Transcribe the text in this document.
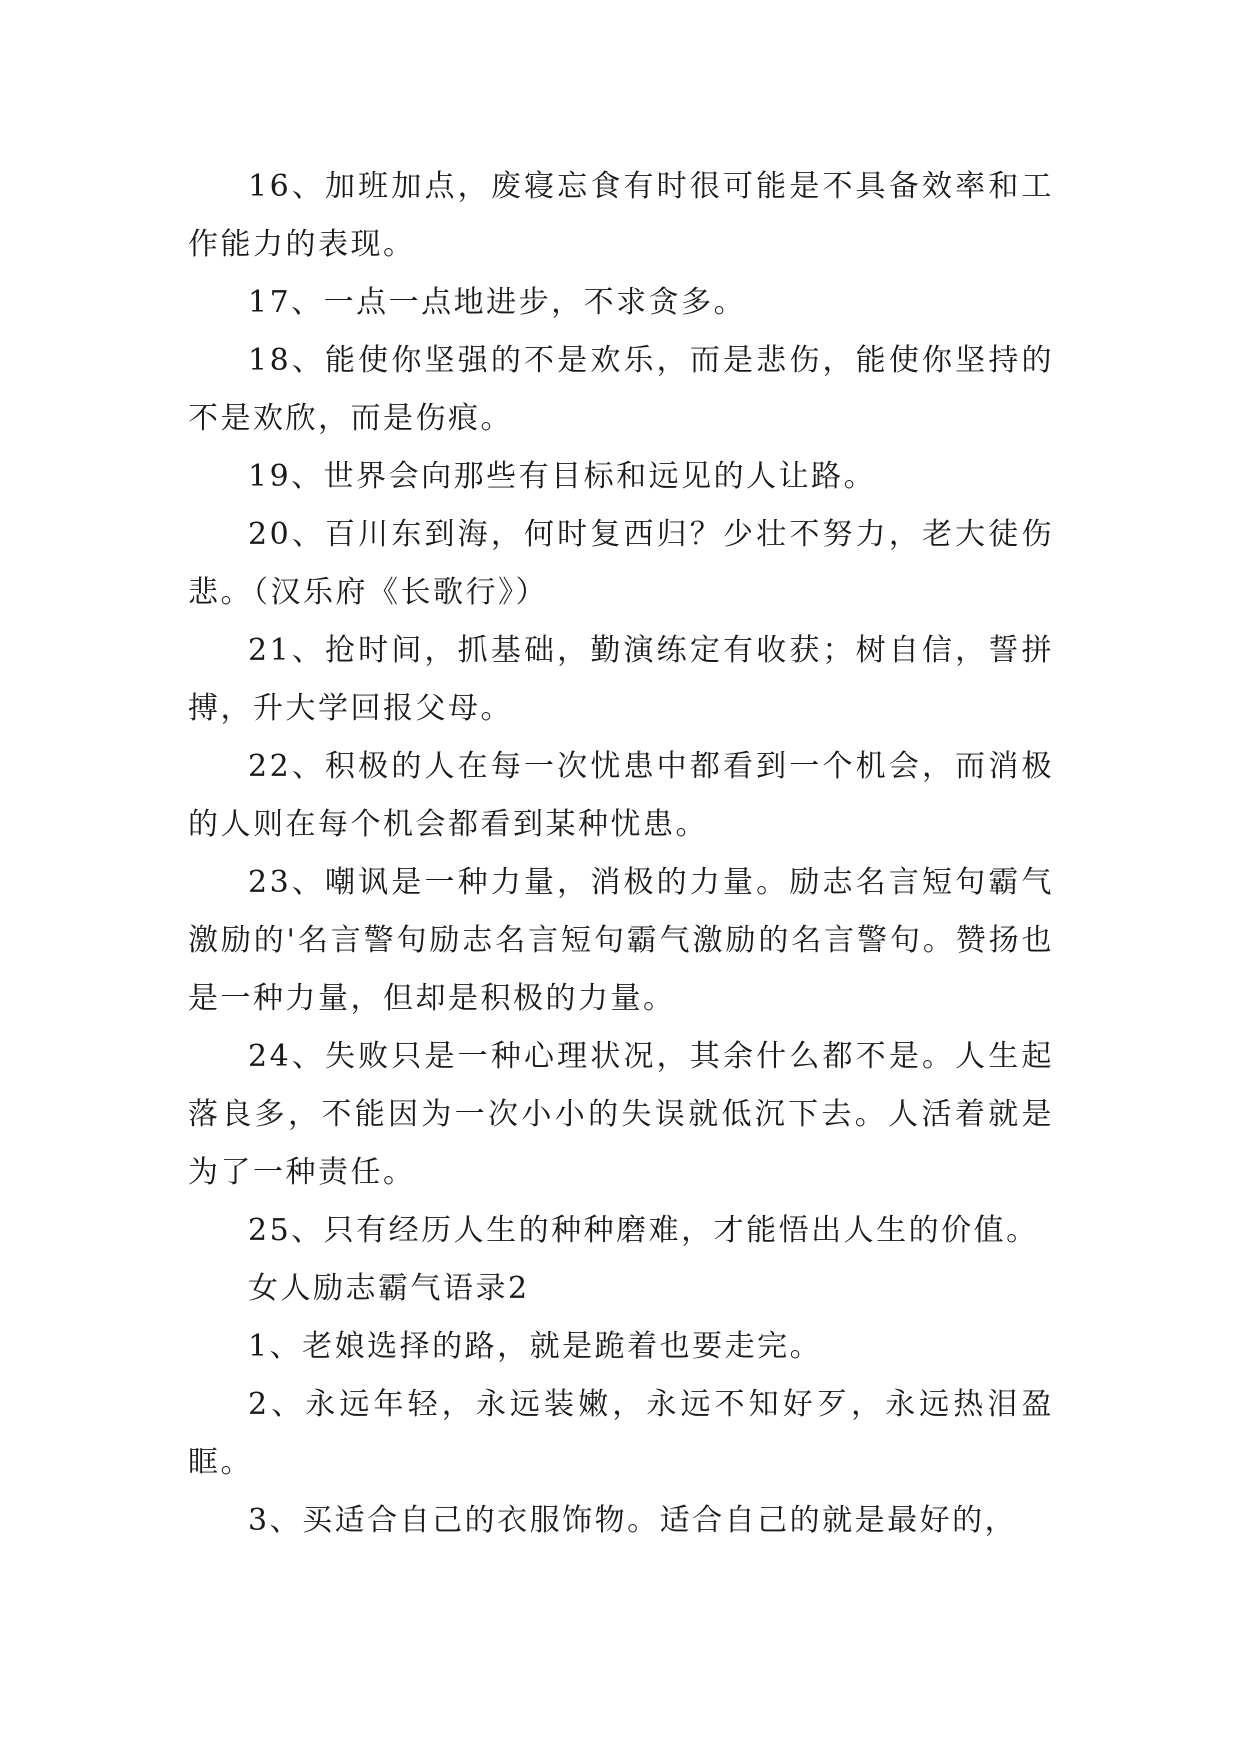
16、加班加点，废寝忘食有时很可能是不具备效率和工作能力的表现。

17、一点一点地进步，不求贪多。

18、能使你坚强的不是欢乐，而是悲伤，能使你坚持的不是欢欣，而是伤痕。

19、世界会向那些有目标和远见的人让路。

20、百川东到海，何时复西归？少壮不努力，老大徒伤悲。（汉乐府《长歌行》）

21、抢时间，抓基础，勤演练定有收获；树自信，誓拼搏，升大学回报父母。

22、积极的人在每一次忧患中都看到一个机会，而消极的人则在每个机会都看到某种忧患。

23、嘲讽是一种力量，消极的力量。励志名言短句霸气激励的'名言警句励志名言短句霸气激励的名言警句。赞扬也是一种力量，但却是积极的力量。

24、失败只是一种心理状况，其余什么都不是。人生起落良多，不能因为一次小小的失误就低沉下去。人活着就是为了一种责任。

25、只有经历人生的种种磨难，才能悟出人生的价值。

女人励志霸气语录2

1、老娘选择的路，就是跪着也要走完。

2、永远年轻，永远装嫩，永远不知好歹，永远热泪盈眶。

3、买适合自己的衣服饰物。适合自己的就是最好的，
